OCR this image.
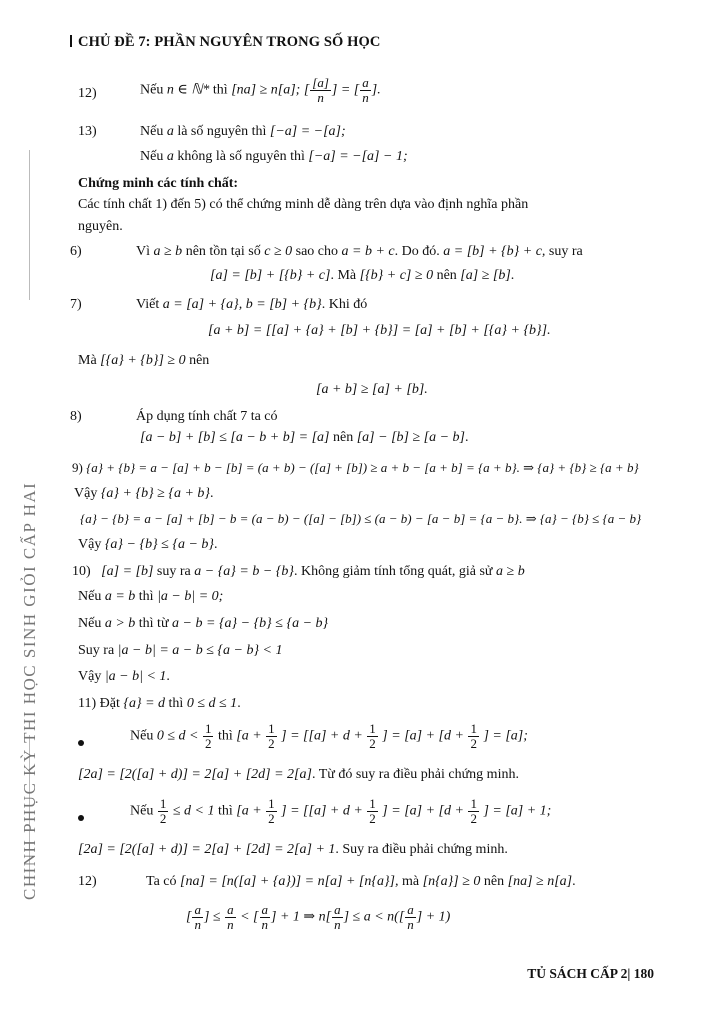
CHINH PHỤC KỲ THI HỌC SINH GIỎI CẤP HAI
CHỦ ĐỀ 7: PHẦN NGUYÊN TRONG SỐ HỌC
12)	Nếu n ∈ ℕ* thì [na] ≥ n[a]; [ $\frac{[a]}{n}$ ] = [ $\frac{a}{n}$ ].
13)	Nếu a là số nguyên thì [−a] = −[a];
Nếu a không là số nguyên thì [−a] = −[a] − 1;
Chứng minh các tính chất:
Các tính chất 1) đến 5) có thể chứng minh dễ dàng trên dựa vào định nghĩa phần
nguyên.
6)	Vì a ≥ b nên tồn tại số c ≥ 0 sao cho a = b + c. Do đó. a = [b] + {b} + c, suy ra
[a] = [b] + [{b} + c]. Mà [{b} + c] ≥ 0 nên [a] ≥ [b].
7)	Viết a = [a] + {a}, b = [b] + {b}. Khi đó
[a + b] = [[a] + {a} + [b] + {b}] = [a] + [b] + [{a} + {b}].
Mà [{a} + {b}] ≥ 0 nên
[a + b] ≥ [a] + [b].
8)	Áp dụng tính chất 7 ta có
[a − b] + [b] ≤ [a − b + b] = [a] nên [a] − [b] ≥ [a − b].
9) {a} + {b} = a − [a] + b − [b] = (a + b) − ([a] + [b]) ≥ a + b − [a + b] = {a + b}. ⇒ {a} + {b} ≥ {a + b}
Vậy {a} + {b} ≥ {a + b}.
{a} − {b} = a − [a] + [b] − b = (a − b) − ([a] − [b]) ≤ (a − b) − [a − b] = {a − b}. ⇒ {a} − {b} ≤ {a − b}
Vậy {a} − {b} ≤ {a − b}.
10) [a] = [b] suy ra a − {a} = b − {b}. Không giảm tính tổng quát, giả sử a ≥ b
Nếu a = b thì |a − b| = 0;
Nếu a > b thì từ a − b = {a} − {b} ≤ {a − b}
Suy ra |a − b| = a − b ≤ {a − b} < 1
Vậy |a − b| < 1.
11) Đặt {a} = d thì 0 ≤ d ≤ 1.
Nếu $0 \le d < \frac{1}{2}$ thì [$a + \frac{1}{2}$ ] = [$[a] + d + \frac{1}{2}$ ] = $[a] + [d + \frac{1}{2}$ ] = [a];
[2a] = [2([a] + d)] = 2[a] + [2d] = 2[a]. Từ đó suy ra điều phải chứng minh.
Nếu $\frac{1}{2} \le d < 1$ thì [$a + \frac{1}{2}$ ] = [$[a] + d + \frac{1}{2}$ ] = $[a] + [d + \frac{1}{2}$ ] = [a] + 1;
[2a] = [2([a] + d)] = 2[a] + [2d] = 2[a] + 1. Suy ra điều phải chứng minh.
12)	Ta có [na] = [n([a] + {a})] = n[a] + [n{a}], mà [n{a}] ≥ 0 nên [na] ≥ n[a].
[ $\frac{a}{n}$ ] ≤ $\frac{a}{n}$ < [ $\frac{a}{n}$ ] + 1 ⇒ $n[ \frac{a}{n}$ ] ≤ $a < n([ \frac{a}{n}$ ] + 1)
TỦ SÁCH CẤP 2| 180
